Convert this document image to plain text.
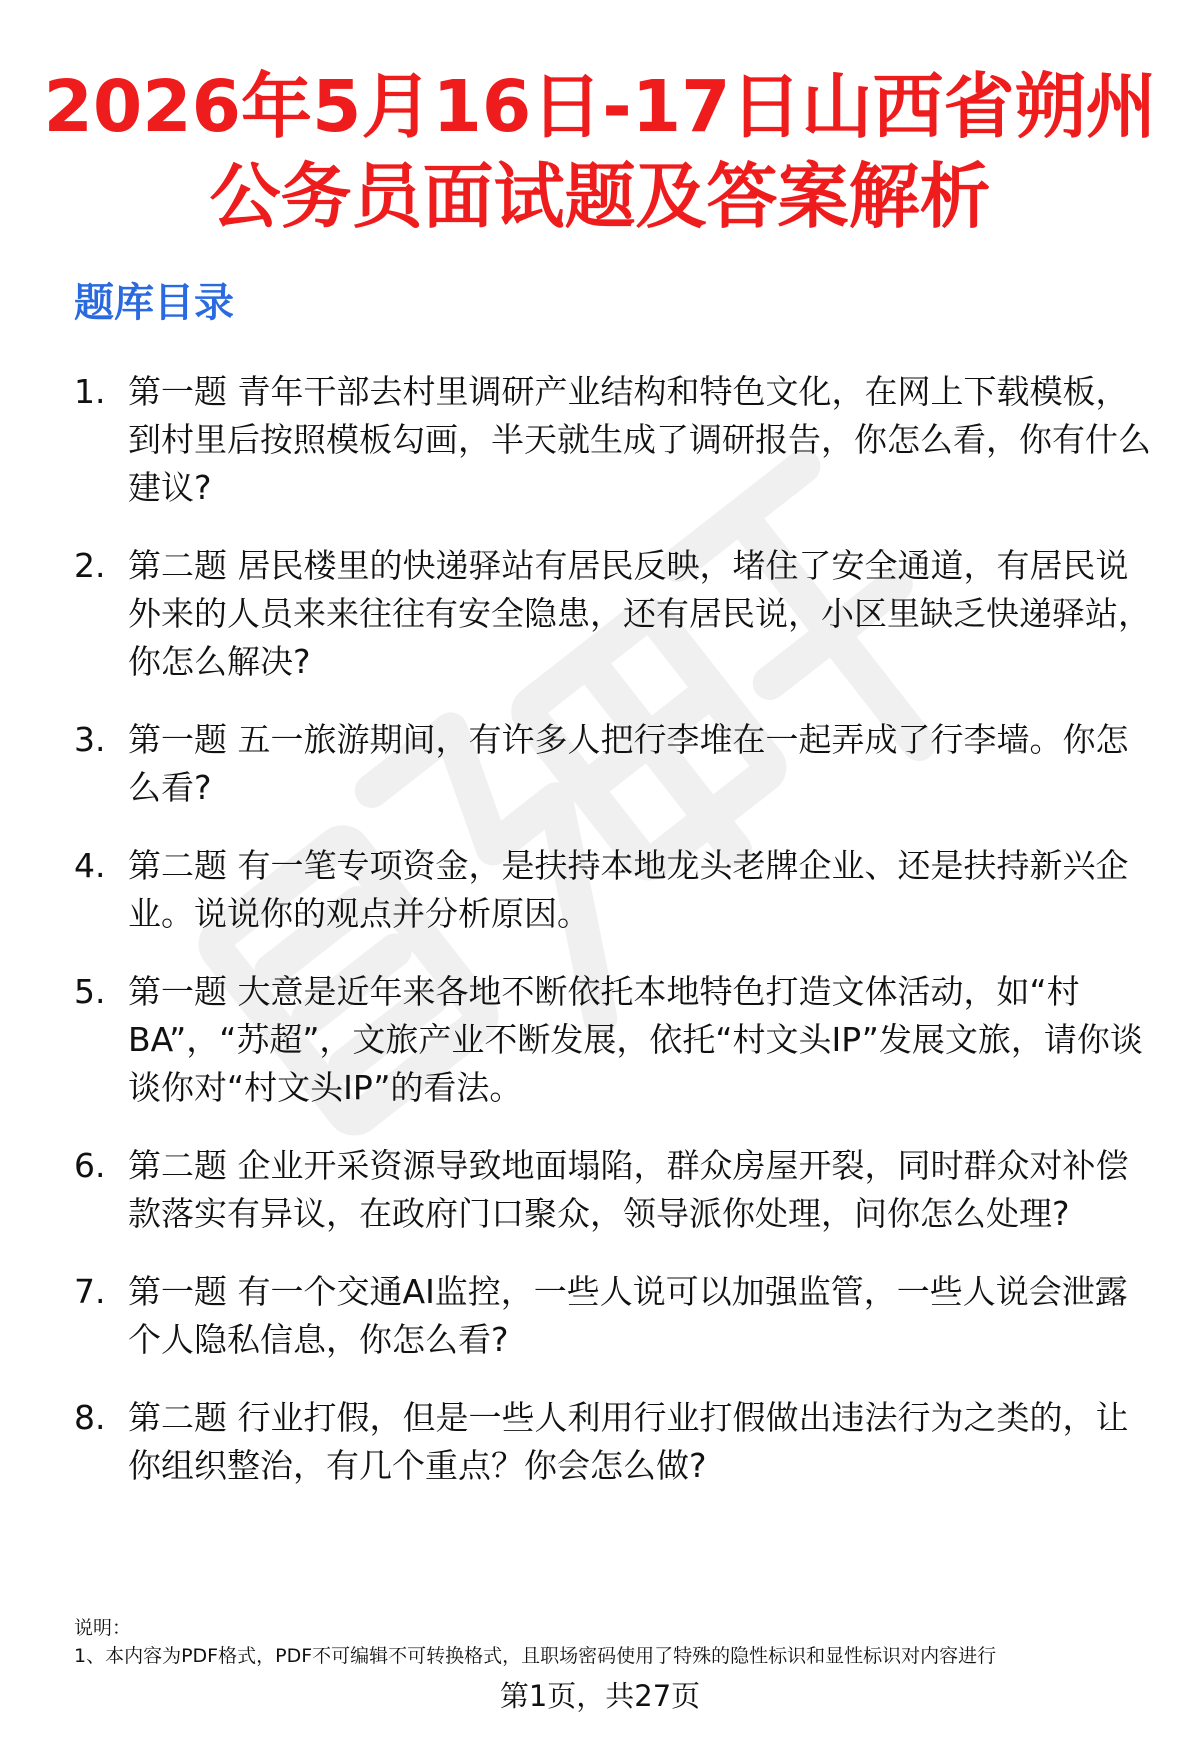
2026年5月16日-17日山西省朔州
公务员面试题及答案解析
题库目录
1. 第一题 青年干部去村里调研产业结构和特色文化，在网上下载模板，到村里后按照模板勾画，半天就生成了调研报告，你怎么看，你有什么建议?
2. 第二题 居民楼里的快递驿站有居民反映，堵住了安全通道，有居民说外来的人员来来往往有安全隐患，还有居民说，小区里缺乏快递驿站，你怎么解决?
3. 第一题 五一旅游期间，有许多人把行李堆在一起弄成了行李墙。你怎么看?
4. 第二题 有一笔专项资金，是扶持本地龙头老牌企业、还是扶持新兴企业。说说你的观点并分析原因。
5. 第一题 大意是近年来各地不断依托本地特色打造文体活动，如“村BA”，“苏超”，文旅产业不断发展，依托“村文头IP”发展文旅，请你谈谈你对“村文头IP”的看法。
6. 第二题 企业开采资源导致地面塌陷，群众房屋开裂，同时群众对补偿款落实有异议，在政府门口聚众，领导派你处理，问你怎么处理?
7. 第一题 有一个交通AI监控，一些人说可以加强监管，一些人说会泄露个人隐私信息，你怎么看?
8. 第二题 行业打假，但是一些人利用行业打假做出违法行为之类的，让你组织整治，有几个重点？你会怎么做?
说明：
1、本内容为PDF格式，PDF不可编辑不可转换格式，且职场密码使用了特殊的隐性标识和显性标识对内容进行
第1页，共27页
